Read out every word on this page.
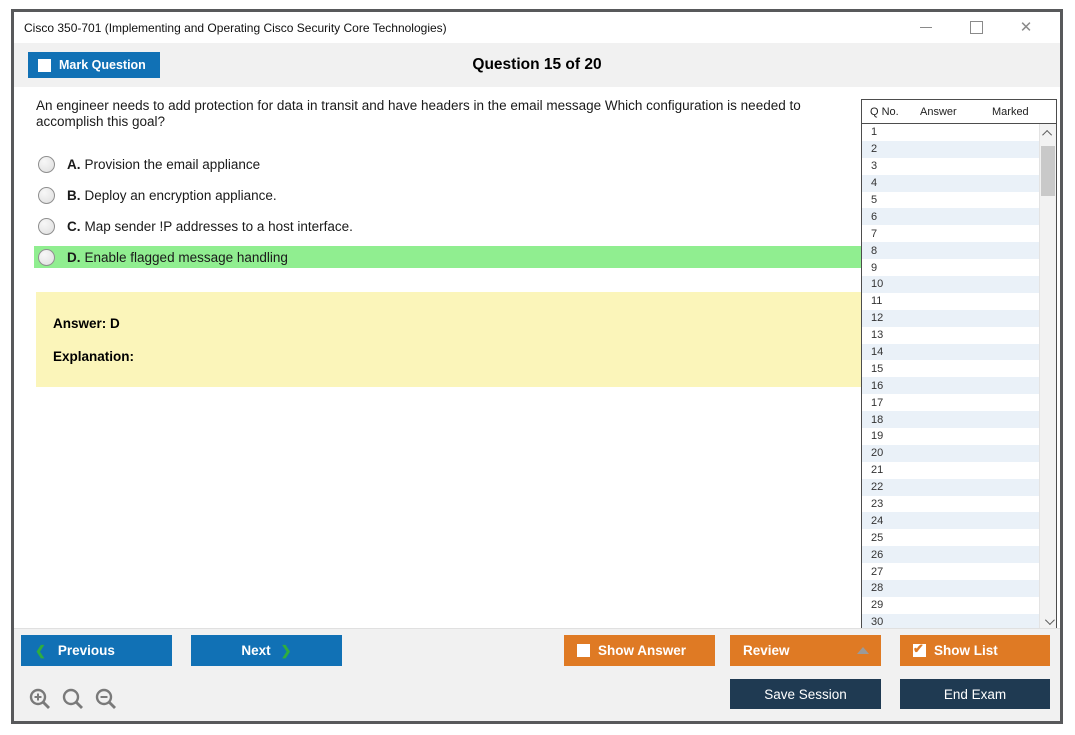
Cisco 350-701 (Implementing and Operating Cisco Security Core Technologies)	✕
Mark Question	Question 15 of 20
An engineer needs to add protection for data in transit and have headers in the email message Which configuration is needed to accomplish this goal?
A. Provision the email appliance
B. Deploy an encryption appliance.
C. Map sender !P addresses to a host interface.
D. Enable flagged message handling
Answer: D
Explanation:
Q No.	Answer	Marked
1
2
3
4
5
6
7
8
9
10
11
12
13
14
15
16
17
18
19
20
21
22
23
24
25
26
27
28
29
30
❮ Previous	Next ❯	Show Answer	Review	✔ Show List
Save Session	End Exam
